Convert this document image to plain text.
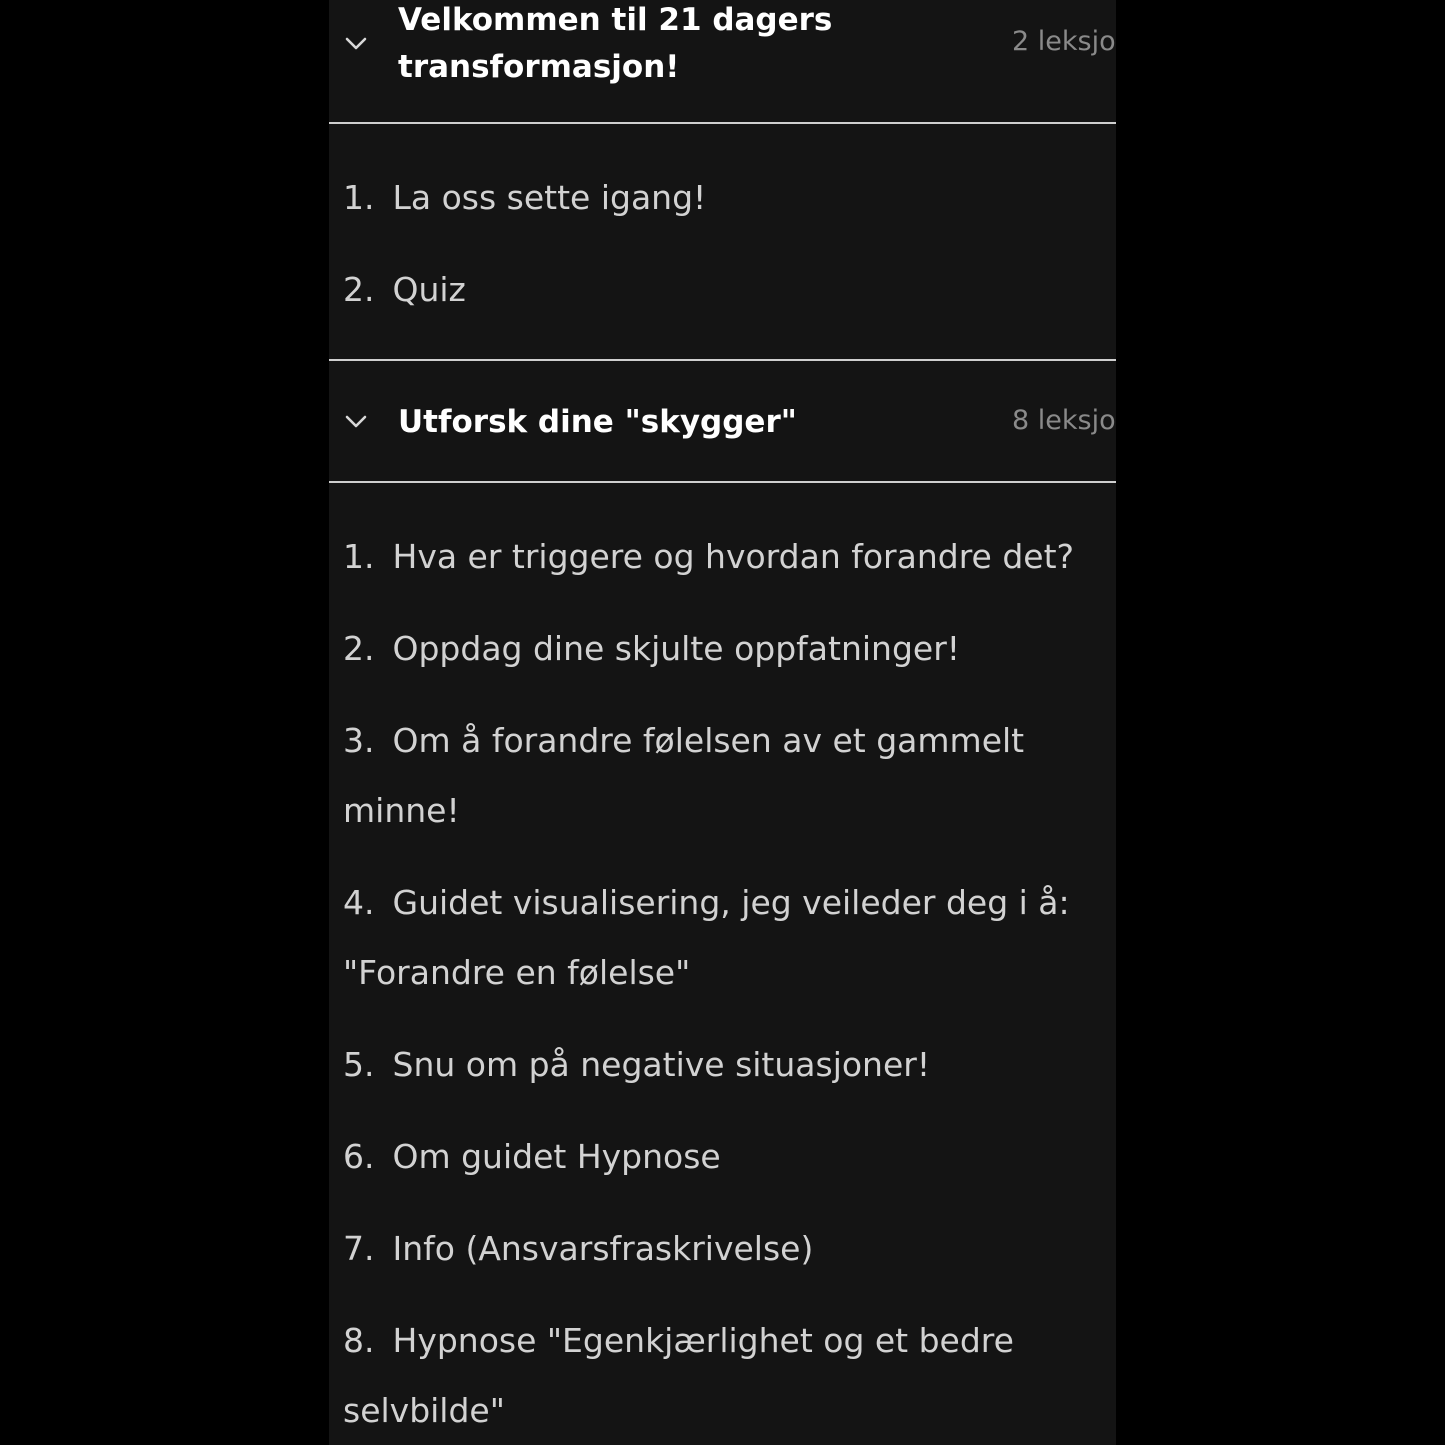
Velkommen til 21 dagers transformasjon!
2 leksjo
1. La oss sette igang!
2. Quiz
Utforsk dine "skygger"	8 leksjo
1. Hva er triggere og hvordan forandre det?
2. Oppdag dine skjulte oppfatninger!
3. Om å forandre følelsen av et gammelt minne!
4. Guidet visualisering, jeg veileder deg i å: "Forandre en følelse"
5. Snu om på negative situasjoner!
6. Om guidet Hypnose
7. Info (Ansvarsfraskrivelse)
8. Hypnose "Egenkjærlighet og et bedre selvbilde"
